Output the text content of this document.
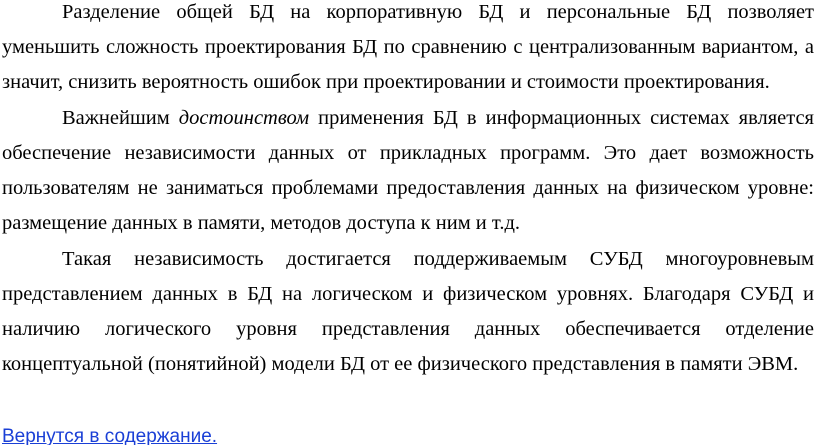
Разделение общей БД на корпоративную БД и персональные БД позволяет уменьшить сложность проектирования БД по сравнению с централизованным вариантом, а значит, снизить вероятность ошибок при проектировании и стоимости проектирования.

Важнейшим достоинством применения БД в информационных системах является обеспечение независимости данных от прикладных программ. Это дает возможность пользователям не заниматься проблемами предоставления данных на физическом уровне: размещение данных в памяти, методов доступа к ним и т.д.

Такая независимость достигается поддерживаемым СУБД многоуровневым представлением данных в БД на логическом и физическом уровнях. Благодаря СУБД и наличию логического уровня представления данных обеспечивается отделение концептуальной (понятийной) модели БД от ее физического представления в памяти ЭВМ.

Вернутся в содержание.
